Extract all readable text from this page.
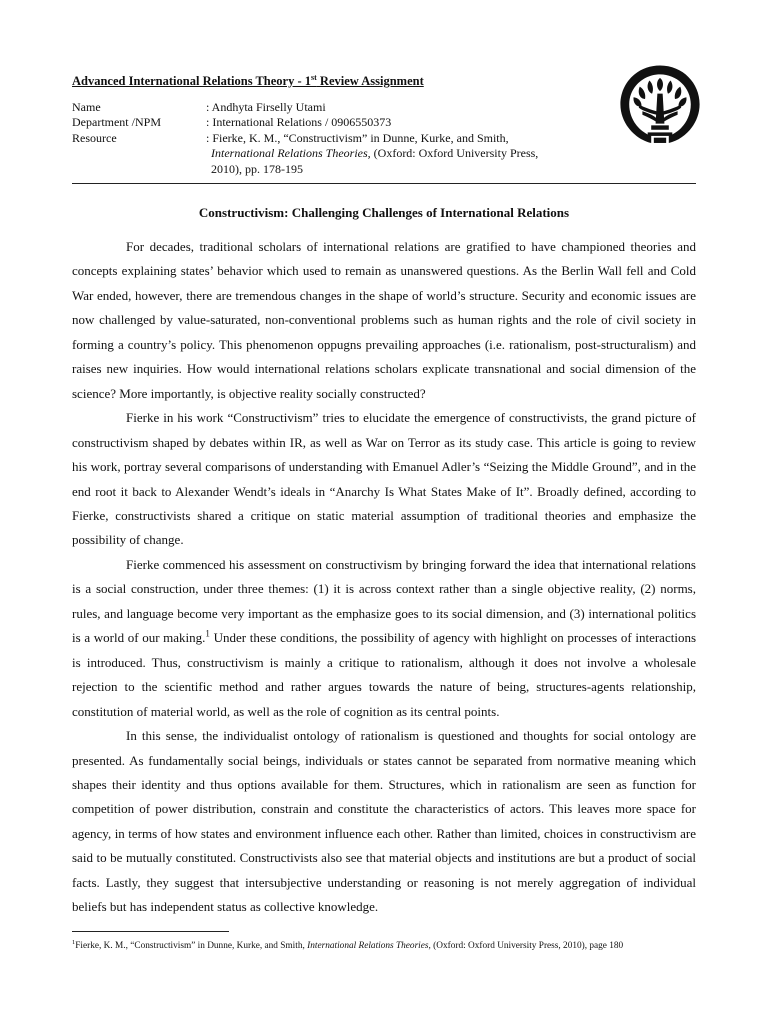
Advanced International Relations Theory - 1st Review Assignment
Name	: Andhyta Firselly Utami
Department /NPM	: International Relations / 0906550373
Resource	: Fierke, K. M., “Constructivism” in Dunne, Kurke, and Smith,
International Relations Theories, (Oxford: Oxford University Press,
2010), pp. 178-195
Constructivism: Challenging Challenges of International Relations

For decades, traditional scholars of international relations are gratified to have championed theories and concepts explaining states’ behavior which used to remain as unanswered questions. As the Berlin Wall fell and Cold War ended, however, there are tremendous changes in the shape of world’s structure. Security and economic issues are now challenged by value-saturated, non-conventional problems such as human rights and the role of civil society in forming a country’s policy. This phenomenon oppugns prevailing approaches (i.e. rationalism, post-structuralism) and raises new inquiries. How would international relations scholars explicate transnational and social dimension of the science? More importantly, is objective reality socially constructed?

Fierke in his work “Constructivism” tries to elucidate the emergence of constructivists, the grand picture of constructivism shaped by debates within IR, as well as War on Terror as its study case. This article is going to review his work, portray several comparisons of understanding with Emanuel Adler’s “Seizing the Middle Ground”, and in the end root it back to Alexander Wendt’s ideals in “Anarchy Is What States Make of It”. Broadly defined, according to Fierke, constructivists shared a critique on static material assumption of traditional theories and emphasize the possibility of change.

Fierke commenced his assessment on constructivism by bringing forward the idea that international relations is a social construction, under three themes: (1) it is across context rather than a single objective reality, (2) norms, rules, and language become very important as the emphasize goes to its social dimension, and (3) international politics is a world of our making.$^1$ Under these conditions, the possibility of agency with highlight on processes of interactions is introduced. Thus, constructivism is mainly a critique to rationalism, although it does not involve a wholesale rejection to the scientific method and rather argues towards the nature of being, structures-agents relationship, constitution of material world, as well as the role of cognition as its central points.

In this sense, the individualist ontology of rationalism is questioned and thoughts for social ontology are presented. As fundamentally social beings, individuals or states cannot be separated from normative meaning which shapes their identity and thus options available for them. Structures, which in rationalism are seen as function for competition of power distribution, constrain and constitute the characteristics of actors. This leaves more space for agency, in terms of how states and environment influence each other. Rather than limited, choices in constructivism are said to be mutually constituted. Constructivists also see that material objects and institutions are but a product of social facts. Lastly, they suggest that intersubjective understanding or reasoning is not merely aggregation of individual beliefs but has independent status as collective knowledge.

$^1$Fierke, K. M., “Constructivism” in Dunne, Kurke, and Smith, International Relations Theories, (Oxford: Oxford University Press, 2010), page 180
